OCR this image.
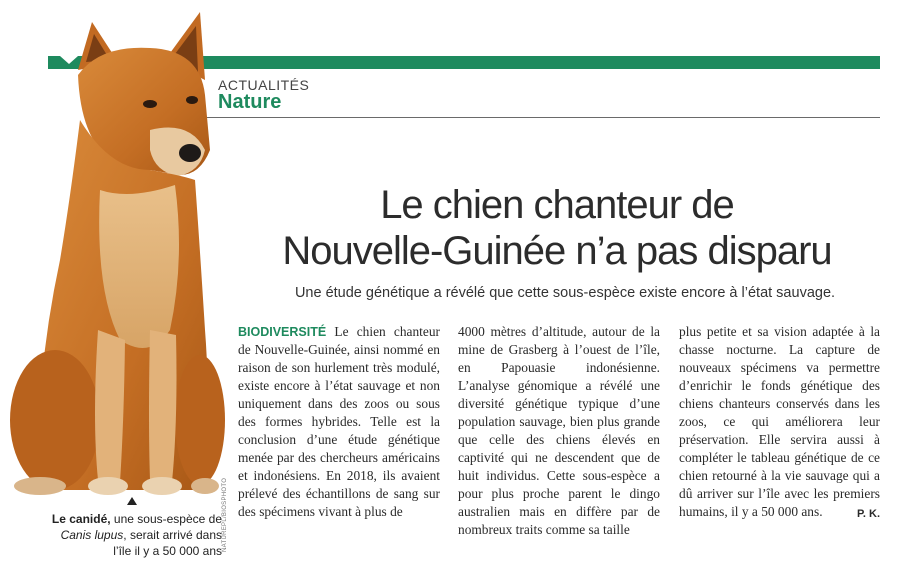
ACTUALITÉS
Nature
Le canidé, une sous-espèce de Canis lupus, serait arrivé dans l’île il y a 50 000 ans NATUREPL/BIOSPHOTO
Le chien chanteur de
Nouvelle-Guinée n’a pas disparu
Une étude génétique a révélé que cette sous-espèce existe encore à l’état sauvage.
BIODIVERSITÉ Le chien chanteur de Nouvelle-Guinée, ainsi nommé en raison de son hurlement très modulé, existe encore à l’état sauvage et non uniquement dans des zoos ou sous des formes hybrides. Telle est la conclusion d’une étude génétique menée par des chercheurs américains et indonésiens. En 2018, ils avaient prélevé des échantillons de sang sur des spécimens vivant à plus de
4000 mètres d’altitude, autour de la mine de Grasberg à l’ouest de l’île, en Papouasie indonésienne. L’analyse génomique a révélé une diversité génétique typique d’une population sauvage, bien plus grande que celle des chiens élevés en captivité qui ne descendent que de huit individus. Cette sous-espèce a pour plus proche parent le dingo australien mais en diffère par de nombreux traits comme sa taille
plus petite et sa vision adaptée à la chasse nocturne. La capture de nouveaux spécimens va permettre d’enrichir le fonds génétique des chiens chanteurs conservés dans les zoos, ce qui améliorera leur préservation. Elle servira aussi à compléter le tableau génétique de ce chien retourné à la vie sauvage qui a dû arriver sur l’île avec les premiers humains, il y a 50 000 ans.	P. K.
